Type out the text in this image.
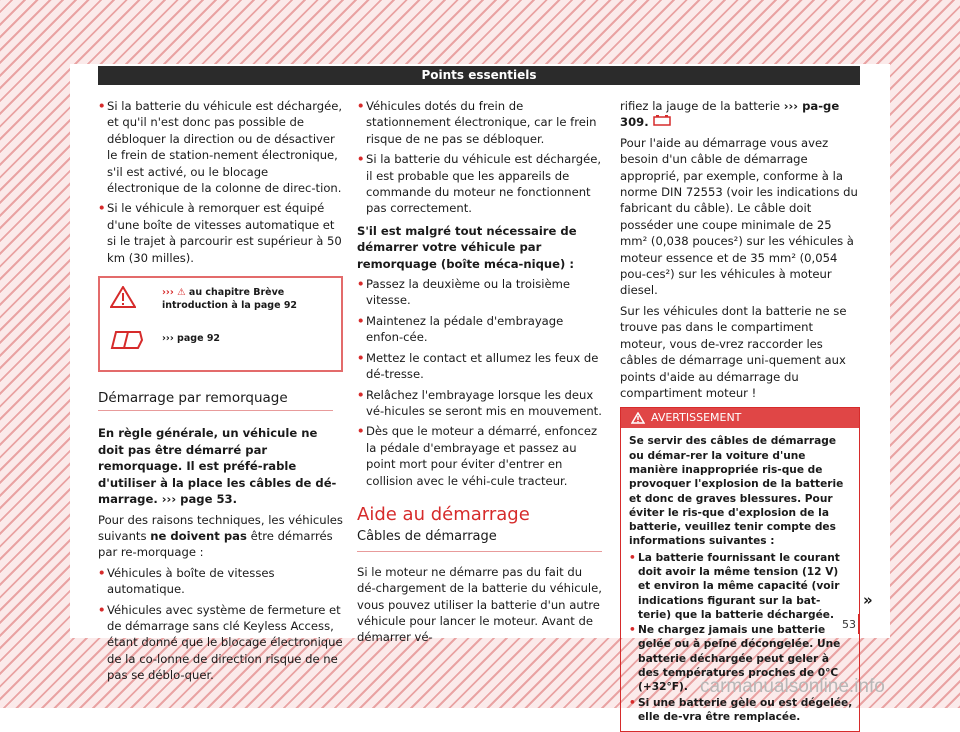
Points essentiels
• Si la batterie du véhicule est déchargée, et qu'il n'est donc pas possible de débloquer la direction ou de désactiver le frein de station-nement électronique, s'il est activé, ou le blocage électronique de la colonne de direc-tion.
• Si le véhicule à remorquer est équipé d'une boîte de vitesses automatique et si le trajet à parcourir est supérieur à 50 km (30 milles).
››› ⚠ au chapitre Brève introduction à la page 92
››› page 92
Démarrage par remorquage

En règle générale, un véhicule ne doit pas être démarré par remorquage. Il est préfé-rable d'utiliser à la place les câbles de dé-marrage. ››› page 53.

Pour des raisons techniques, les véhicules suivants ne doivent pas être démarrés par re-morquage :

• Véhicules à boîte de vitesses automatique.
• Véhicules avec système de fermeture et de démarrage sans clé Keyless Access, étant donné que le blocage électronique de la co-lonne de direction risque de ne pas se déblo-quer.
• Véhicules dotés du frein de stationnement électronique, car le frein risque de ne pas se débloquer.
• Si la batterie du véhicule est déchargée, il est probable que les appareils de commande du moteur ne fonctionnent pas correctement.

S'il est malgré tout nécessaire de démarrer votre véhicule par remorquage (boîte méca-nique) :

• Passez la deuxième ou la troisième vitesse.
• Maintenez la pédale d'embrayage enfon-cée.
• Mettez le contact et allumez les feux de dé-tresse.
• Relâchez l'embrayage lorsque les deux vé-hicules se seront mis en mouvement.
• Dès que le moteur a démarré, enfoncez la pédale d'embrayage et passez au point mort pour éviter d'entrer en collision avec le véhi-cule tracteur.
Aide au démarrage
Câbles de démarrage

Si le moteur ne démarre pas du fait du dé-chargement de la batterie du véhicule, vous pouvez utiliser la batterie d'un autre véhicule pour lancer le moteur. Avant de démarrer vé-

rifiez la jauge de la batterie ››› pa-ge 309.

Pour l'aide au démarrage vous avez besoin d'un câble de démarrage approprié, par exemple, conforme à la norme DIN 72553 (voir les indications du fabricant du câble). Le câble doit posséder une coupe minimale de 25 mm² (0,038 pouces²) sur les véhicules à moteur essence et de 35 mm² (0,054 pou-ces²) sur les véhicules à moteur diesel.

Sur les véhicules dont la batterie ne se trouve pas dans le compartiment moteur, vous de-vrez raccorder les câbles de démarrage uni-quement aux points d'aide au démarrage du compartiment moteur !

AVERTISSEMENT

Se servir des câbles de démarrage ou démar-rer la voiture d'une manière inappropriée ris-que de provoquer l'explosion de la batterie et donc de graves blessures. Pour éviter le ris-que d'explosion de la batterie, veuillez tenir compte des informations suivantes :

• La batterie fournissant le courant doit avoir la même tension (12 V) et environ la même capacité (voir indications figurant sur la bat-terie) que la batterie déchargée.
• Ne chargez jamais une batterie gelée ou à peine décongelée. Une batterie déchargée peut geler à des températures proches de 0°C (+32°F).
• Si une batterie gèle ou est dégelée, elle de-vra être remplacée.
»
53
carmanualsonline.info
